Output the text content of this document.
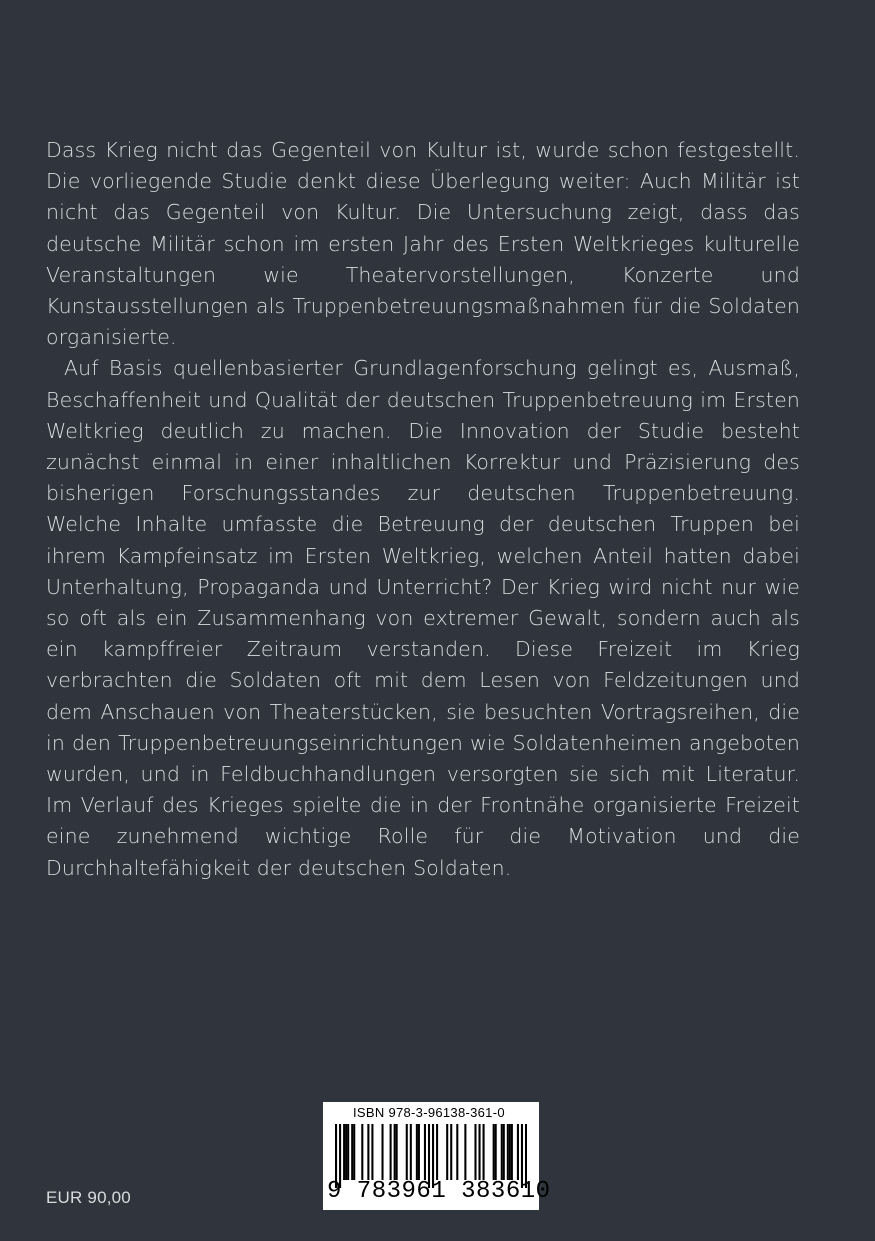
Dass Krieg nicht das Gegenteil von Kultur ist, wurde schon festgestellt. Die vorliegende Studie denkt diese Überlegung weiter: Auch Militär ist nicht das Gegenteil von Kultur. Die Untersuchung zeigt, dass das deutsche Militär schon im ersten Jahr des Ersten Weltkrieges kulturelle Veranstaltungen wie Theatervorstellungen, Konzerte und Kunstausstellungen als Truppenbetreuungsmaßnahmen für die Soldaten organisierte.

Auf Basis quellenbasierter Grundlagenforschung gelingt es, Ausmaß, Beschaffenheit und Qualität der deutschen Truppenbetreuung im Ersten Weltkrieg deutlich zu machen. Die Innovation der Studie besteht zunächst einmal in einer inhaltlichen Korrektur und Präzisierung des bisherigen Forschungsstandes zur deutschen Truppenbetreuung. Welche Inhalte umfasste die Betreuung der deutschen Truppen bei ihrem Kampfeinsatz im Ersten Weltkrieg, welchen Anteil hatten dabei Unterhaltung, Propaganda und Unterricht? Der Krieg wird nicht nur wie so oft als ein Zusammenhang von extremer Gewalt, sondern auch als ein kampffreier Zeitraum verstanden. Diese Freizeit im Krieg verbrachten die Soldaten oft mit dem Lesen von Feldzeitungen und dem Anschauen von Theaterstücken, sie besuchten Vortragsreihen, die in den Truppenbetreuungseinrichtungen wie Soldatenheimen angeboten wurden, und in Feldbuchhandlungen versorgten sie sich mit Literatur. Im Verlauf des Krieges spielte die in der Frontnähe organisierte Freizeit eine zunehmend wichtige Rolle für die Motivation und die Durchhaltefähigkeit der deutschen Soldaten.

ISBN 978-3-96138-361-0
9 783961 383610
EUR 90,00
